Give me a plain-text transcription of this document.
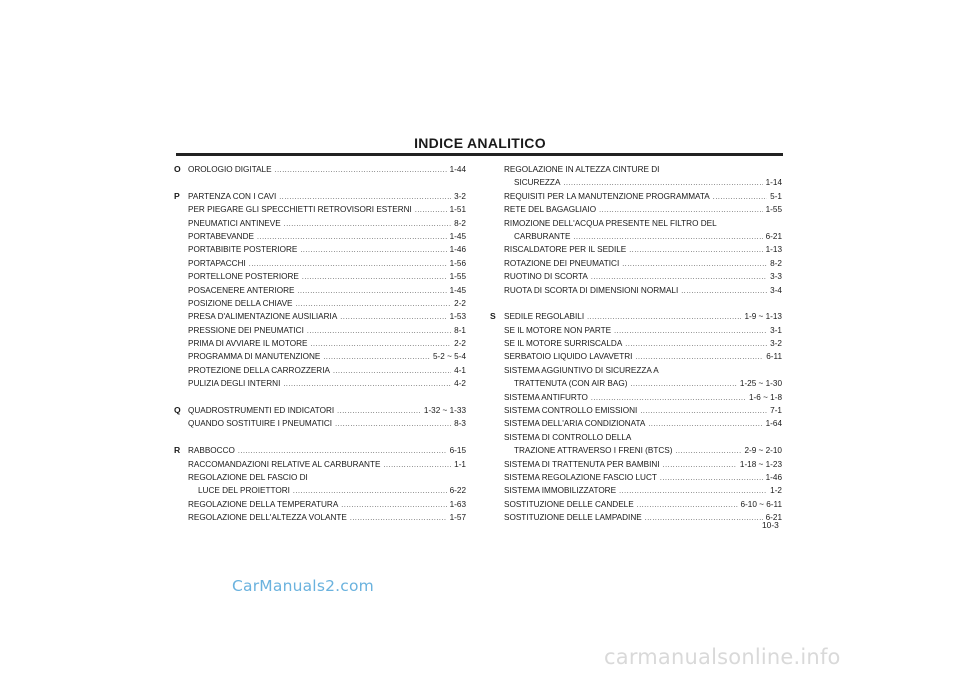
INDICE ANALITICO
O OROLOGIO DIGITALE .....	1-44
P PARTENZA CON I CAVI .....	3-2
PER PIEGARE GLI SPECCHIETTI RETROVISORI ESTERNI .....	1-51
PNEUMATICI ANTINEVE .....	8-2
PORTABEVANDE .....	1-45
PORTABIBITE POSTERIORE .....	1-46
PORTAPACCHI .....	1-56
PORTELLONE POSTERIORE .....	1-55
POSACENERE ANTERIORE .....	1-45
POSIZIONE DELLA CHIAVE .....	2-2
PRESA D'ALIMENTAZIONE AUSILIARIA .....	1-53
PRESSIONE DEI PNEUMATICI .....	8-1
PRIMA DI AVVIARE IL MOTORE .....	2-2
PROGRAMMA DI MANUTENZIONE .....	5-2 ~ 5-4
PROTEZIONE DELLA CARROZZERIA .....	4-1
PULIZIA DEGLI INTERNI .....	4-2
Q QUADROSTRUMENTI ED INDICATORI .....	1-32 ~ 1-33
QUANDO SOSTITUIRE I PNEUMATICI .....	8-3
R RABBOCCO .....	6-15
RACCOMANDAZIONI RELATIVE AL CARBURANTE .....	1-1
REGOLAZIONE DEL FASCIO DI
LUCE DEL PROIETTORI .....	6-22
REGOLAZIONE DELLA TEMPERATURA .....	1-63
REGOLAZIONE DELL'ALTEZZA VOLANTE .....	1-57
REGOLAZIONE IN ALTEZZA CINTURE DI
SICUREZZA .....	1-14
REQUISITI PER LA MANUTENZIONE PROGRAMMATA .....	5-1
RETE DEL BAGAGLIAIO .....	1-55
RIMOZIONE DELL'ACQUA PRESENTE NEL FILTRO DEL
CARBURANTE .....	6-21
RISCALDATORE PER IL SEDILE .....	1-13
ROTAZIONE DEI PNEUMATICI .....	8-2
RUOTINO DI SCORTA .....	3-3
RUOTA DI SCORTA DI DIMENSIONI NORMALI .....	3-4
S SEDILE REGOLABILI .....	1-9 ~ 1-13
SE IL MOTORE NON PARTE .....	3-1
SE IL MOTORE SURRISCALDA .....	3-2
SERBATOIO LIQUIDO LAVAVETRI .....	6-11
SISTEMA AGGIUNTIVO DI SICUREZZA A
TRATTENUTA (CON AIR BAG) .....	1-25 ~ 1-30
SISTEMA ANTIFURTO .....	1-6 ~ 1-8
SISTEMA CONTROLLO EMISSIONI .....	7-1
SISTEMA DELL'ARIA CONDIZIONATA .....	1-64
SISTEMA DI CONTROLLO DELLA
TRAZIONE ATTRAVERSO I FRENI (BTCS) .....	2-9 ~ 2-10
SISTEMA DI TRATTENUTA PER BAMBINI .....	1-18 ~ 1-23
SISTEMA REGOLAZIONE FASCIO LUCT .....	1-46
SISTEMA IMMOBILIZZATORE .....	1-2
SOSTITUZIONE DELLE CANDELE .....	6-10 ~ 6-11
SOSTITUZIONE DELLE LAMPADINE .....	6-21
10-3
CarManuals2.com
carmanualsonline.info
